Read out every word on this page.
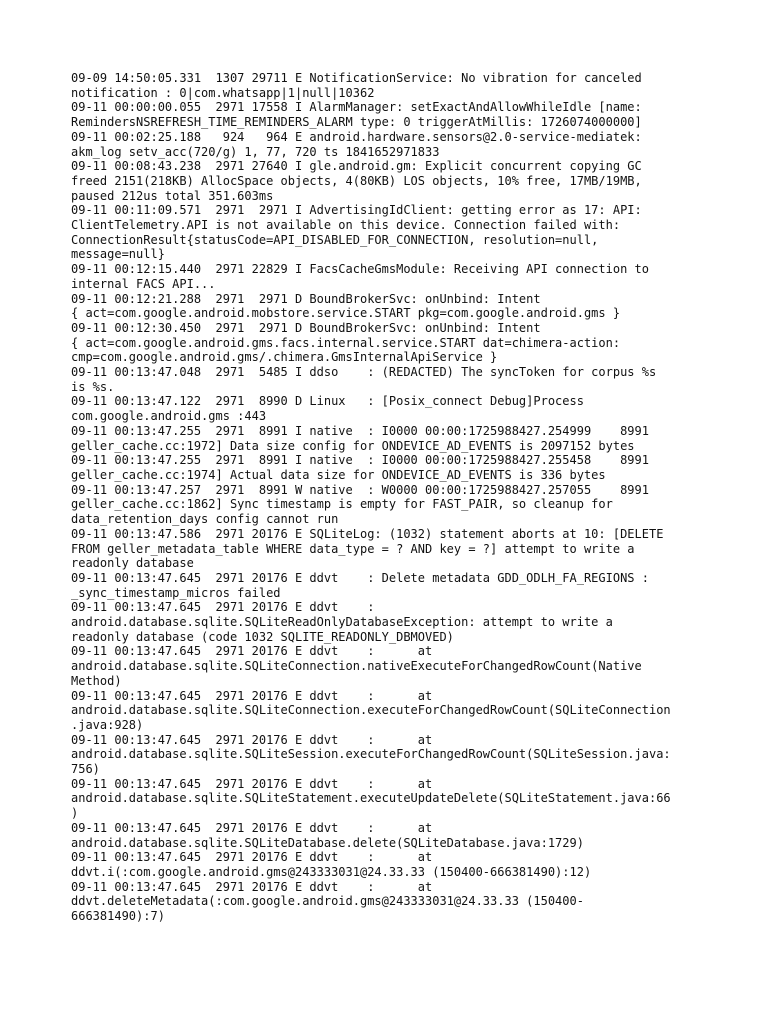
09-09 14:50:05.331  1307 29711 E NotificationService: No vibration for canceled
notification : 0|com.whatsapp|1|null|10362
09-11 00:00:00.055  2971 17558 I AlarmManager: setExactAndAllowWhileIdle [name:
RemindersNSREFRESH_TIME_REMINDERS_ALARM type: 0 triggerAtMillis: 1726074000000]
09-11 00:02:25.188   924   964 E android.hardware.sensors@2.0-service-mediatek:
akm_log setv_acc(720/g) 1, 77, 720 ts 1841652971833
09-11 00:08:43.238  2971 27640 I gle.android.gm: Explicit concurrent copying GC
freed 2151(218KB) AllocSpace objects, 4(80KB) LOS objects, 10% free, 17MB/19MB,
paused 212us total 351.603ms
09-11 00:11:09.571  2971  2971 I AdvertisingIdClient: getting error as 17: API:
ClientTelemetry.API is not available on this device. Connection failed with:
ConnectionResult{statusCode=API_DISABLED_FOR_CONNECTION, resolution=null,
message=null}
09-11 00:12:15.440  2971 22829 I FacsCacheGmsModule: Receiving API connection to
internal FACS API...
09-11 00:12:21.288  2971  2971 D BoundBrokerSvc: onUnbind: Intent
{ act=com.google.android.mobstore.service.START pkg=com.google.android.gms }
09-11 00:12:30.450  2971  2971 D BoundBrokerSvc: onUnbind: Intent
{ act=com.google.android.gms.facs.internal.service.START dat=chimera-action:
cmp=com.google.android.gms/.chimera.GmsInternalApiService }
09-11 00:13:47.048  2971  5485 I ddso    : (REDACTED) The syncToken for corpus %s
is %s.
09-11 00:13:47.122  2971  8990 D Linux   : [Posix_connect Debug]Process
com.google.android.gms :443
09-11 00:13:47.255  2971  8991 I native  : I0000 00:00:1725988427.254999    8991
geller_cache.cc:1972] Data size config for ONDEVICE_AD_EVENTS is 2097152 bytes
09-11 00:13:47.255  2971  8991 I native  : I0000 00:00:1725988427.255458    8991
geller_cache.cc:1974] Actual data size for ONDEVICE_AD_EVENTS is 336 bytes
09-11 00:13:47.257  2971  8991 W native  : W0000 00:00:1725988427.257055    8991
geller_cache.cc:1862] Sync timestamp is empty for FAST_PAIR, so cleanup for
data_retention_days config cannot run
09-11 00:13:47.586  2971 20176 E SQLiteLog: (1032) statement aborts at 10: [DELETE
FROM geller_metadata_table WHERE data_type = ? AND key = ?] attempt to write a
readonly database
09-11 00:13:47.645  2971 20176 E ddvt    : Delete metadata GDD_ODLH_FA_REGIONS :
_sync_timestamp_micros failed
09-11 00:13:47.645  2971 20176 E ddvt    :
android.database.sqlite.SQLiteReadOnlyDatabaseException: attempt to write a
readonly database (code 1032 SQLITE_READONLY_DBMOVED)
09-11 00:13:47.645  2971 20176 E ddvt    :      at
android.database.sqlite.SQLiteConnection.nativeExecuteForChangedRowCount(Native
Method)
09-11 00:13:47.645  2971 20176 E ddvt    :      at
android.database.sqlite.SQLiteConnection.executeForChangedRowCount(SQLiteConnection
.java:928)
09-11 00:13:47.645  2971 20176 E ddvt    :      at
android.database.sqlite.SQLiteSession.executeForChangedRowCount(SQLiteSession.java:
756)
09-11 00:13:47.645  2971 20176 E ddvt    :      at
android.database.sqlite.SQLiteStatement.executeUpdateDelete(SQLiteStatement.java:66
)
09-11 00:13:47.645  2971 20176 E ddvt    :      at
android.database.sqlite.SQLiteDatabase.delete(SQLiteDatabase.java:1729)
09-11 00:13:47.645  2971 20176 E ddvt    :      at
ddvt.i(:com.google.android.gms@243333031@24.33.33 (150400-666381490):12)
09-11 00:13:47.645  2971 20176 E ddvt    :      at
ddvt.deleteMetadata(:com.google.android.gms@243333031@24.33.33 (150400-
666381490):7)
